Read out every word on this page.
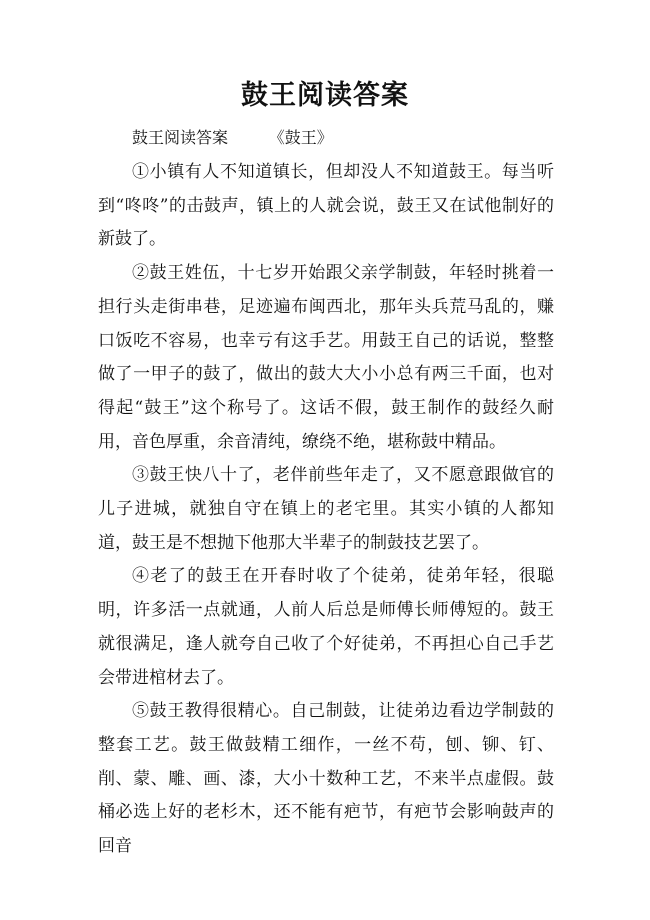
鼓王阅读答案
鼓王阅读答案        《鼓王》

①小镇有人不知道镇长，但却没人不知道鼓王。每当听到“咚咚”的击鼓声，镇上的人就会说，鼓王又在试他制好的新鼓了。

②鼓王姓伍，十七岁开始跟父亲学制鼓，年轻时挑着一担行头走街串巷，足迹遍布闽西北，那年头兵荒马乱的，赚口饭吃不容易，也幸亏有这手艺。用鼓王自己的话说，整整做了一甲子的鼓了，做出的鼓大大小小总有两三千面，也对得起“鼓王”这个称号了。这话不假，鼓王制作的鼓经久耐用，音色厚重，余音清纯，缭绕不绝，堪称鼓中精品。

③鼓王快八十了，老伴前些年走了，又不愿意跟做官的儿子进城，就独自守在镇上的老宅里。其实小镇的人都知道，鼓王是不想抛下他那大半辈子的制鼓技艺罢了。

④老了的鼓王在开春时收了个徒弟，徒弟年轻，很聪明，许多活一点就通，人前人后总是师傅长师傅短的。鼓王就很满足，逢人就夸自己收了个好徒弟，不再担心自己手艺会带进棺材去了。

⑤鼓王教得很精心。自己制鼓，让徒弟边看边学制鼓的整套工艺。鼓王做鼓精工细作，一丝不苟，刨、铆、钉、削、蒙、雕、画、漆，大小十数种工艺，不来半点虚假。鼓桶必选上好的老杉木，还不能有疤节，有疤节会影响鼓声的回音
